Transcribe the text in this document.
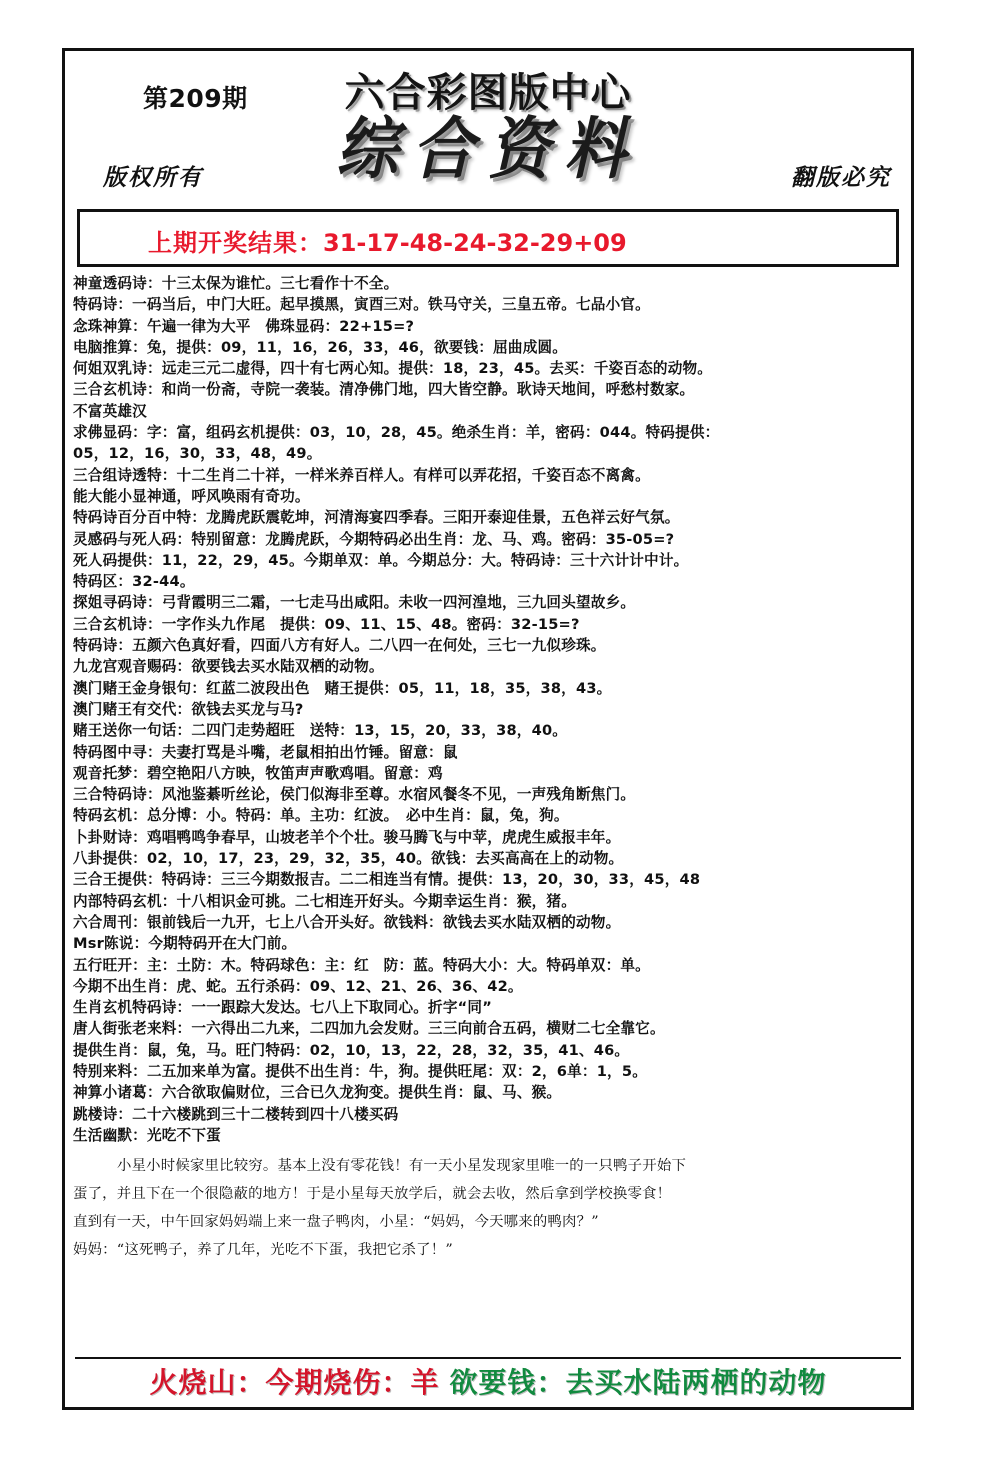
第209期	六合彩图版中心
综合资料
版权所有	翻版必究
上期开奖结果：31-17-48-24-32-29+09
神童透码诗：十三太保为谁忙。三七看作十不全。
特码诗：一码当后，中门大旺。起早摸黑，寅酉三对。铁马守关，三皇五帝。七品小官。
念珠神算：午遍一律为大平　佛珠显码：22+15=?
电脑推算：兔，提供：09，11，16，26，33，46，欲要钱：屈曲成圆。
何姐双乳诗：远走三元二虚得，四十有七两心知。提供：18，23，45。去买：千姿百态的动物。
三合玄机诗：和尚一份斋，寺院一袭装。清净佛门地，四大皆空静。耿诗天地间，呼愁村数家。
不富英雄汉
求佛显码：字：富，组码玄机提供：03，10，28，45。绝杀生肖：羊，密码：044。特码提供：
05，12，16，30，33，48，49。
三合组诗透特：十二生肖二十祥，一样米养百样人。有样可以弄花招，千姿百态不离禽。
能大能小显神通，呼风唤雨有奇功。
特码诗百分百中特：龙腾虎跃震乾坤，河清海宴四季春。三阳开泰迎佳景，五色祥云好气氛。
灵感码与死人码：特别留意：龙腾虎跃，今期特码必出生肖：龙、马、鸡。密码：35-05=?
死人码提供：11，22，29，45。今期单双：单。今期总分：大。特码诗：三十六计计中计。
特码区：32-44。
探姐寻码诗：弓背霞明三二霜，一七走马出咸阳。未收一四河湟地，三九回头望故乡。
三合玄机诗：一字作头九作尾　提供：09、11、15、48。密码：32-15=?
特码诗：五颜六色真好看，四面八方有好人。二八四一在何处，三七一九似珍珠。
九龙宫观音赐码：欲要钱去买水陆双栖的动物。
澳门赌王金身银句：红蓝二波段出色　赌王提供：05，11，18，35，38，43。
澳门赌王有交代：欲钱去买龙与马?
赌王送你一句话：二四门走势超旺　送特：13，15，20，33，38，40。
特码图中寻：夫妻打骂是斗嘴，老鼠相拍出竹锤。留意：鼠
观音托梦：碧空艳阳八方映，牧笛声声歌鸡唱。留意：鸡
三合特码诗：风池鉴綦听丝论，侯门似海非至尊。水宿风餐冬不见，一声残角断焦门。
特码玄机：总分博：小。特码：单。主功：红波。　必中生肖：鼠，兔，狗。
卜卦财诗：鸡唱鸭鸣争春早，山坡老羊个个壮。骏马腾飞与中苹，虎虎生威报丰年。
八卦提供：02，10，17，23，29，32，35，40。欲钱：去买高高在上的动物。
三合王提供：特码诗：三三今期数报吉。二二相连当有情。提供：13，20，30，33，45，48
内部特码玄机：十八相识金可挑。二七相连开好头。今期幸运生肖：猴，猪。
六合周刊：银前钱后一九开，七上八合开头好。欲钱料：欲钱去买水陆双栖的动物。
Msr陈说：今期特码开在大门前。
五行旺开：主：土防：木。特码球色：主：红　防：蓝。特码大小：大。特码单双：单。
今期不出生肖：虎、蛇。五行杀码：09、12、21、26、36、42。
生肖玄机特码诗：一一跟踪大发达。七八上下取同心。折字“同”
唐人街张老来料：一六得出二九来，二四加九会发财。三三向前合五码，横财二七全靠它。
提供生肖：鼠，兔，马。旺门特码：02，10，13，22，28，32，35，41、46。
特别来料：二五加来单为富。提供不出生肖：牛，狗。提供旺尾：双：2，6单：1，5。
神算小诸葛：六合欲取偏财位，三合已久龙狗变。提供生肖：鼠、马、猴。
跳楼诗：二十六楼跳到三十二楼转到四十八楼买码
生活幽默：光吃不下蛋
小星小时候家里比较穷。基本上没有零花钱！有一天小星发现家里唯一的一只鸭子开始下
蛋了，并且下在一个很隐蔽的地方！于是小星每天放学后，就会去收，然后拿到学校换零食！
直到有一天，中午回家妈妈端上来一盘子鸭肉，小星：“妈妈，今天哪来的鸭肉？”
妈妈：“这死鸭子，养了几年，光吃不下蛋，我把它杀了！”
火烧山：今期烧伤：羊 欲要钱：去买水陆两栖的动物
